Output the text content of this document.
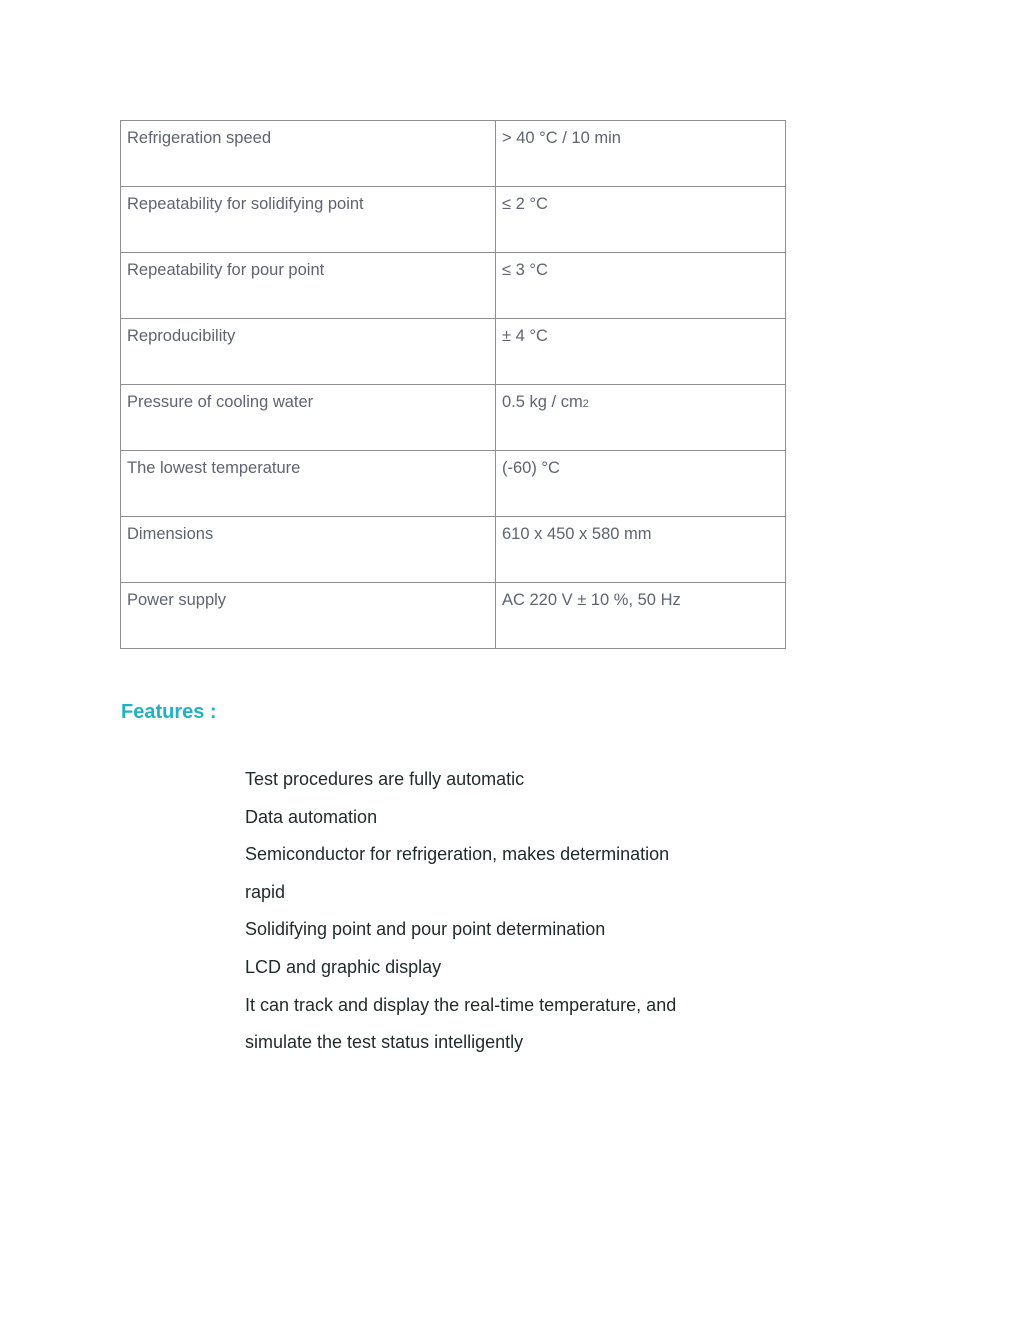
Refrigeration speed	> 40 °C / 10 min
Repeatability for solidifying point	≤ 2 °C
Repeatability for pour point	≤ 3 °C
Reproducibility	± 4 °C
Pressure of cooling water	0.5 kg / cm2
The lowest temperature	(-60) °C
Dimensions	610 x 450 x 580 mm
Power supply	AC 220 V ± 10 %, 50 Hz
Features :
Test procedures are fully automatic
Data automation
Semiconductor for refrigeration, makes determination
rapid
Solidifying point and pour point determination
LCD and graphic display
It can track and display the real-time temperature, and
simulate the test status intelligently
